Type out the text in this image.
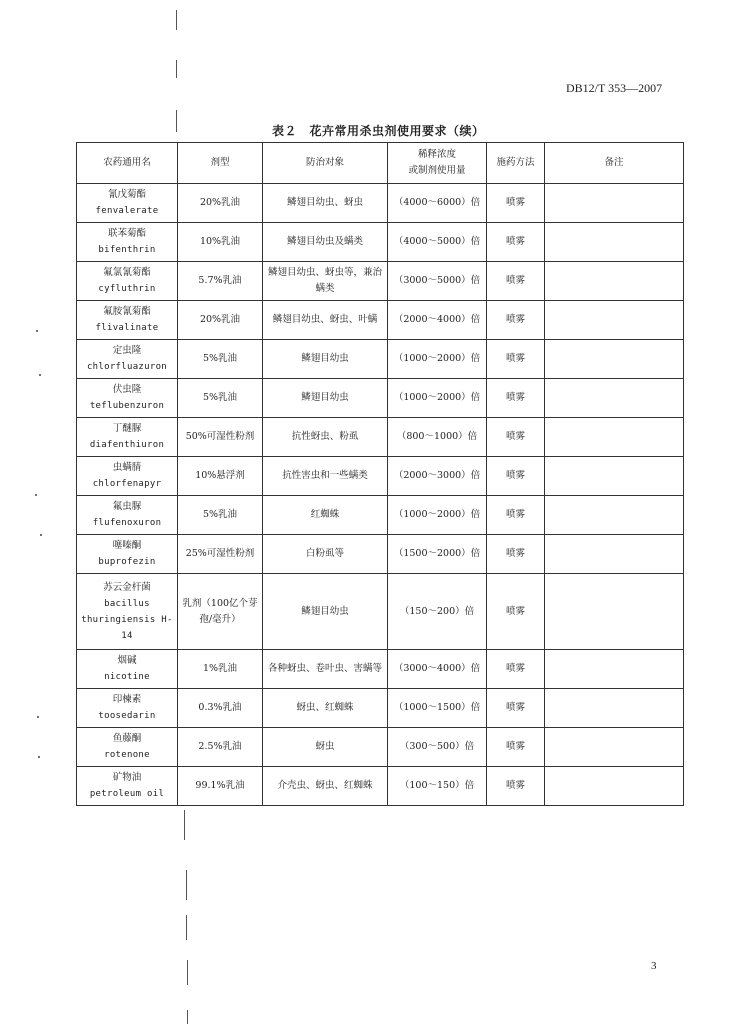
DB12/T 353—2007
表２　花卉常用杀虫剂使用要求（续）
农药通用名	剂型	防治对象	稀释浓度
或制剂使用量	施药方法	备注

氰戊菊酯
fenvalerate	20%乳油	鳞翅目幼虫、蚜虫	（4000～6000）倍	喷雾	

联苯菊酯
bifenthrin	10%乳油	鳞翅目幼虫及螨类	（4000～5000）倍	喷雾	

氟氯氰菊酯
cyfluthrin	5.7%乳油	鳞翅目幼虫、蚜虫等，兼治螨类	（3000～5000）倍	喷雾	

氟胺氰菊酯
flivalinate	20%乳油	鳞翅目幼虫、蚜虫、叶螨	（2000～4000）倍	喷雾	

定虫隆
chlorfluazuron	5%乳油	鳞翅目幼虫	（1000～2000）倍	喷雾	

伏虫隆
teflubenzuron	5%乳油	鳞翅目幼虫	（1000～2000）倍	喷雾	

丁醚脲
diafenthiuron	50%可湿性粉剂	抗性蚜虫、粉虱	（800～1000）倍	喷雾	

虫螨腈
chlorfenapyr	10%悬浮剂	抗性害虫和一些螨类	（2000～3000）倍	喷雾	

氟虫脲
flufenoxuron	5%乳油	红蜘蛛	（1000～2000）倍	喷雾	

噻嗪酮
buprofezin	25%可湿性粉剂	白粉虱等	（1500～2000）倍	喷雾	

苏云金杆菌
bacillus thuringiensis H-14	乳剂（100亿个芽孢/毫升）	鳞翅目幼虫	（150～200）倍	喷雾	

烟碱
nicotine	1%乳油	各种蚜虫、卷叶虫、害螨等	（3000～4000）倍	喷雾	

印楝素
toosedarin	0.3%乳油	蚜虫、红蜘蛛	（1000～1500）倍	喷雾	

鱼藤酮
rotenone	2.5%乳油	蚜虫	（300～500）倍	喷雾	

矿物油
petroleum oil	99.1%乳油	介壳虫、蚜虫、红蜘蛛	（100～150）倍	喷雾	
3
